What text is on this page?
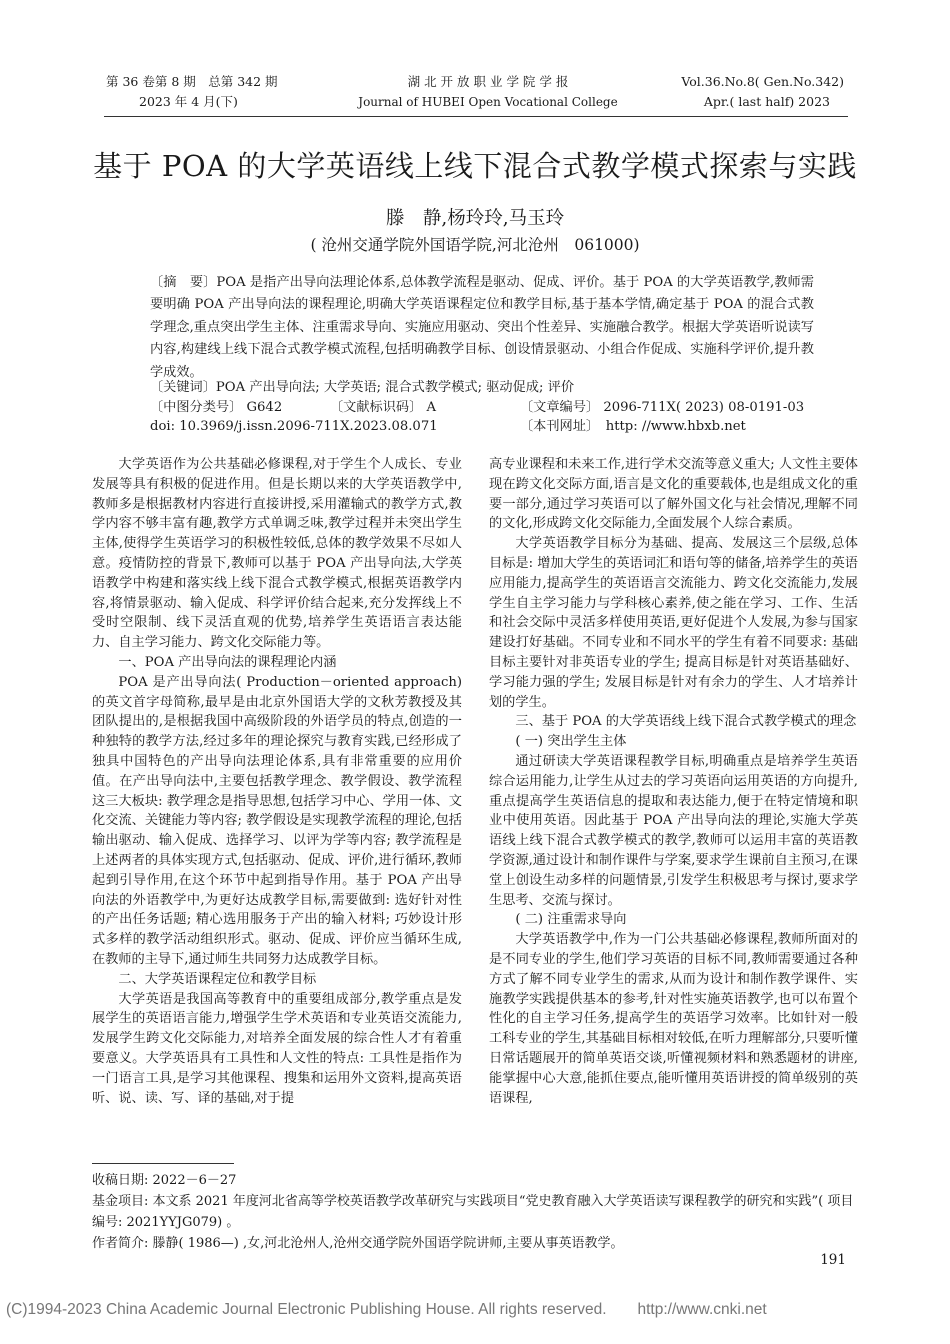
第 36 卷第 8 期　总第 342 期
2023 年 4 月(下)
湖 北 开 放 职 业 学 院 学 报
Journal of HUBEI Open Vocational College
Vol.36.No.8( Gen.No.342)
Apr.( last half) 2023
基于 POA 的大学英语线上线下混合式教学模式探索与实践
滕　静,杨玲玲,马玉玲
( 沧州交通学院外国语学院,河北沧州　061000)
〔摘　要〕POA 是指产出导向法理论体系,总体教学流程是驱动、促成、评价。基于 POA 的大学英语教学,教师需要明确 POA 产出导向法的课程理论,明确大学英语课程定位和教学目标,基于基本学情,确定基于 POA 的混合式教学理念,重点突出学生主体、注重需求导向、实施应用驱动、突出个性差异、实施融合教学。根据大学英语听说读写内容,构建线上线下混合式教学模式流程,包括明确教学目标、创设情景驱动、小组合作促成、实施科学评价,提升教学成效。
〔关键词〕POA 产出导向法; 大学英语; 混合式教学模式; 驱动促成; 评价
〔中图分类号〕 G642	〔文献标识码〕 A	〔文章编号〕 2096-711X( 2023) 08-0191-03
doi: 10.3969/j.issn.2096-711X.2023.08.071	〔本刊网址〕　http: //www.hbxb.net

大学英语作为公共基础必修课程,对于学生个人成长、专业发展等具有积极的促进作用。但是长期以来的大学英语教学中,教师多是根据教材内容进行直接讲授,采用灌输式的教学方式,教学内容不够丰富有趣,教学方式单调乏味,教学过程并未突出学生主体,使得学生英语学习的积极性较低,总体的教学效果不尽如人意。疫情防控的背景下,教师可以基于 POA 产出导向法,大学英语教学中构建和落实线上线下混合式教学模式,根据英语教学内容,将情景驱动、输入促成、科学评价结合起来,充分发挥线上不受时空限制、线下灵活直观的优势,培养学生英语语言表达能力、自主学习能力、跨文化交际能力等。

一、POA 产出导向法的课程理论内涵

POA 是产出导向法( Production－oriented approach) 的英文首字母简称,最早是由北京外国语大学的文秋芳教授及其团队提出的,是根据我国中高级阶段的外语学员的特点,创造的一种独特的教学方法,经过多年的理论探究与教育实践,已经形成了独具中国特色的产出导向法理论体系,具有非常重要的应用价值。在产出导向法中,主要包括教学理念、教学假设、教学流程这三大板块: 教学理念是指导思想,包括学习中心、学用一体、文化交流、关键能力等内容; 教学假设是实现教学流程的理论,包括输出驱动、输入促成、选择学习、以评为学等内容; 教学流程是上述两者的具体实现方式,包括驱动、促成、评价,进行循环,教师起到引导作用,在这个环节中起到指导作用。基于 POA 产出导向法的外语教学中,为更好达成教学目标,需要做到: 选好针对性的产出任务话题; 精心选用服务于产出的输入材料; 巧妙设计形式多样的教学活动组织形式。驱动、促成、评价应当循环生成,在教师的主导下,通过师生共同努力达成教学目标。

二、大学英语课程定位和教学目标

大学英语是我国高等教育中的重要组成部分,教学重点是发展学生的英语语言能力,增强学生学术英语和专业英语交流能力,发展学生跨文化交际能力,对培养全面发展的综合性人才有着重要意义。大学英语具有工具性和人文性的特点: 工具性是指作为一门语言工具,是学习其他课程、搜集和运用外文资料,提高英语听、说、读、写、译的基础,对于提

高专业课程和未来工作,进行学术交流等意义重大; 人文性主要体现在跨文化交际方面,语言是文化的重要载体,也是组成文化的重要一部分,通过学习英语可以了解外国文化与社会情况,理解不同的文化,形成跨文化交际能力,全面发展个人综合素质。

大学英语教学目标分为基础、提高、发展这三个层级,总体目标是: 增加大学生的英语词汇和语句等的储备,培养学生的英语应用能力,提高学生的英语语言交流能力、跨文化交流能力,发展学生自主学习能力与学科核心素养,使之能在学习、工作、生活和社会交际中灵活多样使用英语,更好促进个人发展,为参与国家建设打好基础。不同专业和不同水平的学生有着不同要求: 基础目标主要针对非英语专业的学生; 提高目标是针对英语基础好、学习能力强的学生; 发展目标是针对有余力的学生、人才培养计划的学生。

三、基于 POA 的大学英语线上线下混合式教学模式的理念

( 一) 突出学生主体

通过研读大学英语课程教学目标,明确重点是培养学生英语综合运用能力,让学生从过去的学习英语向运用英语的方向提升,重点提高学生英语信息的提取和表达能力,便于在特定情境和职业中使用英语。因此基于 POA 产出导向法的理论,实施大学英语线上线下混合式教学模式的教学,教师可以运用丰富的英语教学资源,通过设计和制作课件与学案,要求学生课前自主预习,在课堂上创设生动多样的问题情景,引发学生积极思考与探讨,要求学生思考、交流与探讨。

( 二) 注重需求导向

大学英语教学中,作为一门公共基础必修课程,教师所面对的是不同专业的学生,他们学习英语的目标不同,教师需要通过各种方式了解不同专业学生的需求,从而为设计和制作教学课件、实施教学实践提供基本的参考,针对性实施英语教学,也可以布置个性化的自主学习任务,提高学生的英语学习效率。比如针对一般工科专业的学生,其基础目标相对较低,在听力理解部分,只要听懂日常话题展开的简单英语交谈,听懂视频材料和熟悉题材的讲座,能掌握中心大意,能抓住要点,能听懂用英语讲授的简单级别的英语课程,

收稿日期: 2022－6－27
基金项目: 本文系 2021 年度河北省高等学校英语教学改革研究与实践项目“党史教育融入大学英语读写课程教学的研究和实践”( 项目编号: 2021YYJG079) 。
作者简介: 滕静( 1986—) ,女,河北沧州人,沧州交通学院外国语学院讲师,主要从事英语教学。
191
(C)1994-2023 China Academic Journal Electronic Publishing House. All rights reserved.　　http://www.cnki.net
